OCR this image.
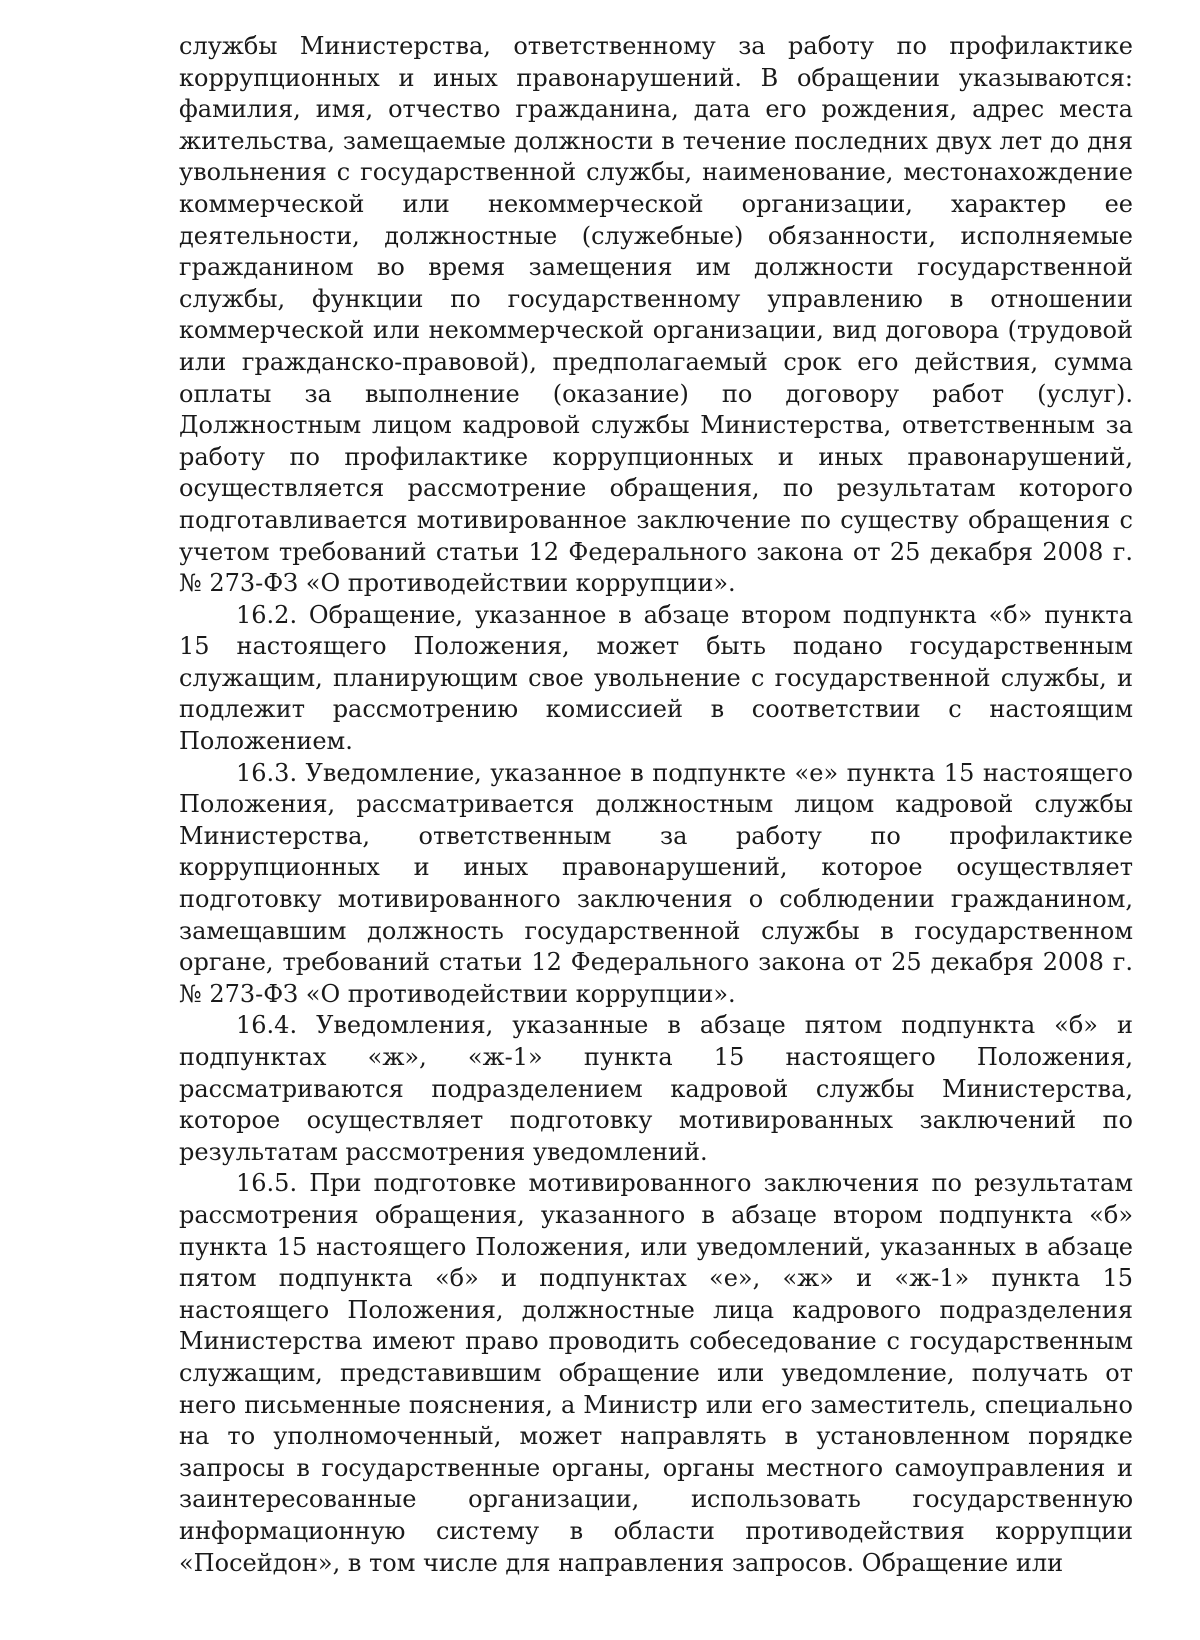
службы Министерства, ответственному за работу по профилактике коррупционных и иных правонарушений. В обращении указываются: фамилия, имя, отчество гражданина, дата его рождения, адрес места жительства, замещаемые должности в течение последних двух лет до дня увольнения с государственной службы, наименование, местонахождение коммерческой или некоммерческой организации, характер ее деятельности, должностные (служебные) обязанности, исполняемые гражданином во время замещения им должности государственной службы, функции по государственному управлению в отношении коммерческой или некоммерческой организации, вид договора (трудовой или гражданско-правовой), предполагаемый срок его действия, сумма оплаты за выполнение (оказание) по договору работ (услуг). Должностным лицом кадровой службы Министерства, ответственным за работу по профилактике коррупционных и иных правонарушений, осуществляется рассмотрение обращения, по результатам которого подготавливается мотивированное заключение по существу обращения с учетом требований статьи 12 Федерального закона от 25 декабря 2008 г. № 273-ФЗ «О противодействии коррупции».

16.2. Обращение, указанное в абзаце втором подпункта «б» пункта 15 настоящего Положения, может быть подано государственным служащим, планирующим свое увольнение с государственной службы, и подлежит рассмотрению комиссией в соответствии с настоящим Положением.

16.3. Уведомление, указанное в подпункте «е» пункта 15 настоящего Положения, рассматривается должностным лицом кадровой службы Министерства, ответственным за работу по профилактике коррупционных и иных правонарушений, которое осуществляет подготовку мотивированного заключения о соблюдении гражданином, замещавшим должность государственной службы в государственном органе, требований статьи 12 Федерального закона от 25 декабря 2008 г. № 273-ФЗ «О противодействии коррупции».

16.4. Уведомления, указанные в абзаце пятом подпункта «б» и подпунктах «ж», «ж-1» пункта 15 настоящего Положения, рассматриваются подразделением кадровой службы Министерства, которое осуществляет подготовку мотивированных заключений по результатам рассмотрения уведомлений.

16.5. При подготовке мотивированного заключения по результатам рассмотрения обращения, указанного в абзаце втором подпункта «б» пункта 15 настоящего Положения, или уведомлений, указанных в абзаце пятом подпункта «б» и подпунктах «е», «ж» и «ж-1» пункта 15 настоящего Положения, должностные лица кадрового подразделения Министерства имеют право проводить собеседование с государственным служащим, представившим обращение или уведомление, получать от него письменные пояснения, а Министр или его заместитель, специально на то уполномоченный, может направлять в установленном порядке запросы в государственные органы, органы местного самоуправления и заинтересованные организации, использовать государственную информационную систему в области противодействия коррупции «Посейдон», в том числе для направления запросов. Обращение или
